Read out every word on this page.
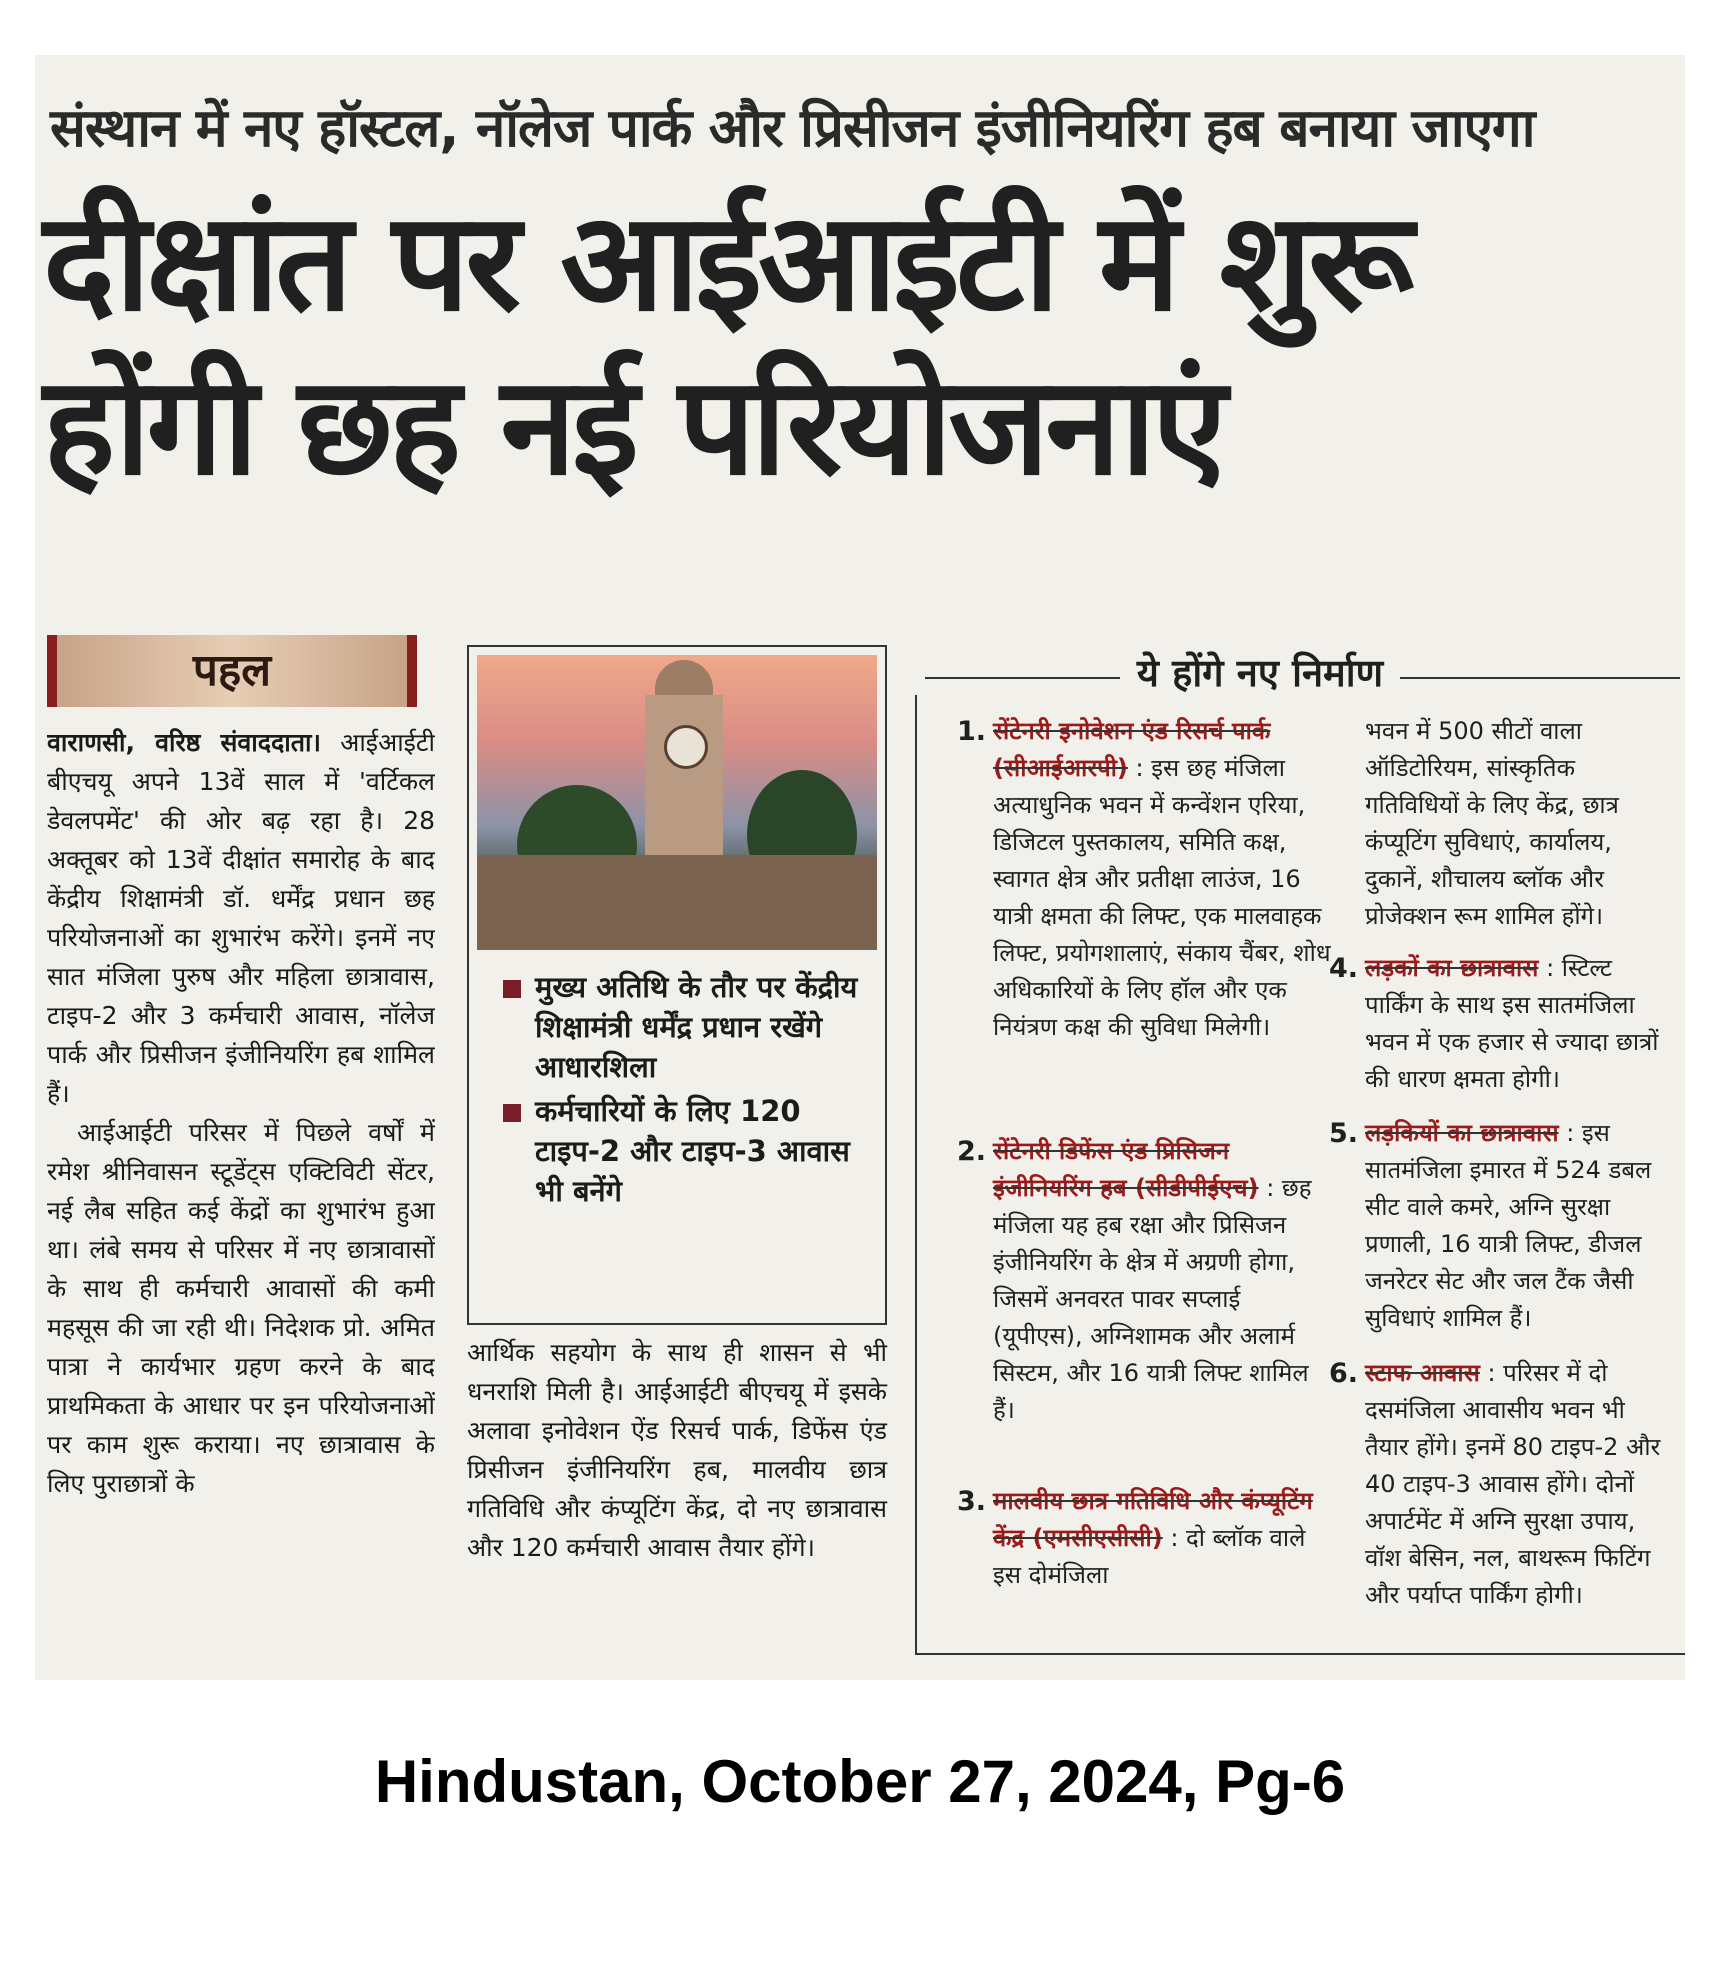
संस्थान में नए हॉस्टल, नॉलेज पार्क और प्रिसीजन इंजीनियरिंग हब बनाया जाएगा
दीक्षांत पर आईआईटी में शुरू
होंगी छह नई परियोजनाएं
पहल

वाराणसी, वरिष्ठ संवाददाता। आईआईटी बीएचयू अपने 13वें साल में 'वर्टिकल डेवलपमेंट' की ओर बढ़ रहा है। 28 अक्तूबर को 13वें दीक्षांत समारोह के बाद केंद्रीय शिक्षामंत्री डॉ. धर्मेंद्र प्रधान छह परियोजनाओं का शुभारंभ करेंगे। इनमें नए सात मंजिला पुरुष और महिला छात्रावास, टाइप-2 और 3 कर्मचारी आवास, नॉलेज पार्क और प्रिसीजन इंजीनियरिंग हब शामिल हैं।

आईआईटी परिसर में पिछले वर्षों में रमेश श्रीनिवासन स्टूडेंट्स एक्टिविटी सेंटर, नई लैब सहित कई केंद्रों का शुभारंभ हुआ था। लंबे समय से परिसर में नए छात्रावासों के साथ ही कर्मचारी आवासों की कमी महसूस की जा रही थी। निदेशक प्रो. अमित पात्रा ने कार्यभार ग्रहण करने के बाद प्राथमिकता के आधार पर इन परियोजनाओं पर काम शुरू कराया। नए छात्रावास के लिए पुराछात्रों के

मुख्य अतिथि के तौर पर केंद्रीय शिक्षामंत्री धर्मेंद्र प्रधान रखेंगे आधारशिला
कर्मचारियों के लिए 120 टाइप-2 और टाइप-3 आवास भी बनेंगे
आर्थिक सहयोग के साथ ही शासन से भी धनराशि मिली है। आईआईटी बीएचयू में इसके अलावा इनोवेशन ऐंड रिसर्च पार्क, डिफेंस एंड प्रिसीजन इंजीनियरिंग हब, मालवीय छात्र गतिविधि और कंप्यूटिंग केंद्र, दो नए छात्रावास और 120 कर्मचारी आवास तैयार होंगे।
ये होंगे नए निर्माण
1. सेंटेनरी इनोवेशन एंड रिसर्च पार्क (सीआईआरपी) : इस छह मंजिला अत्याधुनिक भवन में कन्वेंशन एरिया, डिजिटल पुस्तकालय, समिति कक्ष, स्वागत क्षेत्र और प्रतीक्षा लाउंज, 16 यात्री क्षमता की लिफ्ट, एक मालवाहक लिफ्ट, प्रयोगशालाएं, संकाय चैंबर, शोध अधिकारियों के लिए हॉल और एक नियंत्रण कक्ष की सुविधा मिलेगी।
2. सेंटेनरी डिफेंस एंड प्रिसिजन इंजीनियरिंग हब (सीडीपीईएच) : छह मंजिला यह हब रक्षा और प्रिसिजन इंजीनियरिंग के क्षेत्र में अग्रणी होगा, जिसमें अनवरत पावर सप्लाई (यूपीएस), अग्निशामक और अलार्म सिस्टम, और 16 यात्री लिफ्ट शामिल हैं।
3. मालवीय छात्र गतिविधि और कंप्यूटिंग केंद्र (एमसीएसीसी) : दो ब्लॉक वाले इस दोमंजिला
भवन में 500 सीटों वाला ऑडिटोरियम, सांस्कृतिक गतिविधियों के लिए केंद्र, छात्र कंप्यूटिंग सुविधाएं, कार्यालय, दुकानें, शौचालय ब्लॉक और प्रोजेक्शन रूम शामिल होंगे।
4. लड़कों का छात्रावास : स्टिल्ट पार्किंग के साथ इस सातमंजिला भवन में एक हजार से ज्यादा छात्रों की धारण क्षमता होगी।
5. लड़कियों का छात्रावास : इस सातमंजिला इमारत में 524 डबल सीट वाले कमरे, अग्नि सुरक्षा प्रणाली, 16 यात्री लिफ्ट, डीजल जनरेटर सेट और जल टैंक जैसी सुविधाएं शामिल हैं।
6. स्टाफ आवास : परिसर में दो दसमंजिला आवासीय भवन भी तैयार होंगे। इनमें 80 टाइप-2 और 40 टाइप-3 आवास होंगे। दोनों अपार्टमेंट में अग्नि सुरक्षा उपाय, वॉश बेसिन, नल, बाथरूम फिटिंग और पर्याप्त पार्किंग होगी।
Hindustan, October 27, 2024, Pg-6
